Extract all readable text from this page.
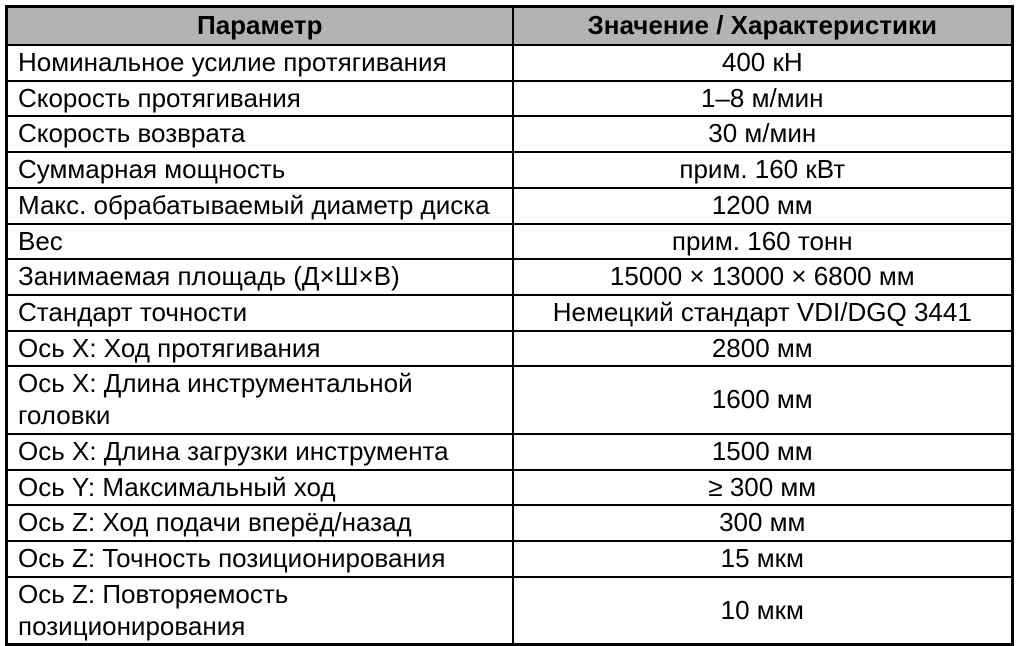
Параметр	Значение / Характеристики
Номинальное усилие протягивания	400 кН
Скорость протягивания	1–8 м/мин
Скорость возврата	30 м/мин
Суммарная мощность	прим. 160 кВт
Макс. обрабатываемый диаметр диска	1200 мм
Вес	прим. 160 тонн
Занимаемая площадь (Д×Ш×В)	15000 × 13000 × 6800 мм
Стандарт точности	Немецкий стандарт VDI/DGQ 3441
Ось X: Ход протягивания	2800 мм
Ось X: Длина инструментальной головки	1600 мм
Ось X: Длина загрузки инструмента	1500 мм
Ось Y: Максимальный ход	≥ 300 мм
Ось Z: Ход подачи вперёд/назад	300 мм
Ось Z: Точность позиционирования	15 мкм
Ось Z: Повторяемость позиционирования	10 мкм
